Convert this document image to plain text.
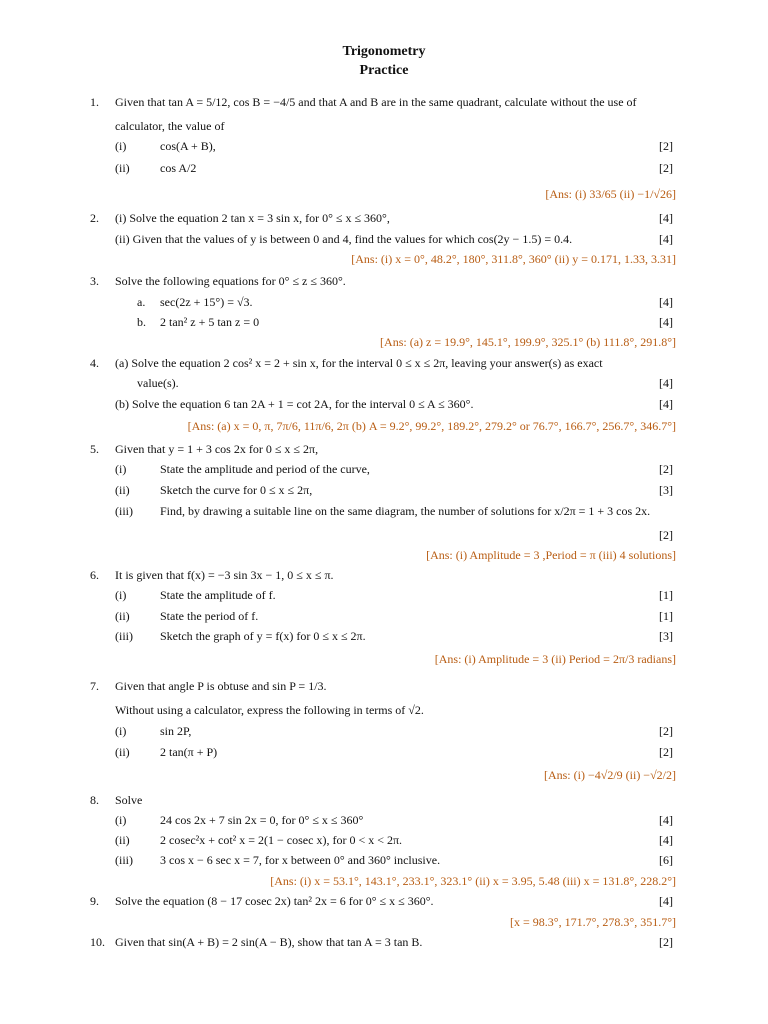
Trigonometry
Practice
1. Given that tan A = 5/12, cos B = −4/5 and that A and B are in the same quadrant, calculate without the use of
calculator, the value of
(i)	cos(A + B),	[2]
(ii)	cos A/2	[2]
[Ans: (i) 33/65 (ii) −1/√26]
2. (i) Solve the equation 2 tan x = 3 sin x, for 0° ≤ x ≤ 360°,	[4]
(ii) Given that the values of y is between 0 and 4, find the values for which cos(2y − 1.5) = 0.4.	[4]
[Ans: (i) x = 0°, 48.2°, 180°, 311.8°, 360° (ii) y = 0.171, 1.33, 3.31]
3. Solve the following equations for 0° ≤ z ≤ 360°.
a. sec(2z + 15°) = √3.	[4]
b. 2 tan² z + 5 tan z = 0	[4]
[Ans: (a) z = 19.9°, 145.1°, 199.9°, 325.1° (b) 111.8°, 291.8°]
4. (a) Solve the equation 2 cos² x = 2 + sin x, for the interval 0 ≤ x ≤ 2π, leaving your answer(s) as exact
value(s).	[4]
(b) Solve the equation 6 tan 2A + 1 = cot 2A, for the interval 0 ≤ A ≤ 360°.	[4]
[Ans: (a) x = 0, π, 7π/6, 11π/6, 2π (b) A = 9.2°, 99.2°, 189.2°, 279.2° or 76.7°, 166.7°, 256.7°, 346.7°]
5. Given that y = 1 + 3 cos 2x for 0 ≤ x ≤ 2π,
(i)	State the amplitude and period of the curve,	[2]
(ii)	Sketch the curve for 0 ≤ x ≤ 2π,	[3]
(iii) Find, by drawing a suitable line on the same diagram, the number of solutions for x/2π = 1 + 3 cos 2x.
[2]
[Ans: (i) Amplitude = 3 ,Period = π (iii) 4 solutions]
6. It is given that f(x) = −3 sin 3x − 1, 0 ≤ x ≤ π.
(i)	State the amplitude of f.	[1]
(ii)	State the period of f.	[1]
(iii) Sketch the graph of y = f(x) for 0 ≤ x ≤ 2π.	[3]
[Ans: (i) Amplitude = 3 (ii) Period = 2π/3 radians]
7. Given that angle P is obtuse and sin P = 1/3.
Without using a calculator, express the following in terms of √2.
(i)	sin 2P,	[2]
(ii)	2 tan(π + P)	[2]
[Ans: (i) −4√2/9 (ii) −√2/2]
8. Solve
(i)	24 cos 2x + 7 sin 2x = 0, for 0° ≤ x ≤ 360°	[4]
(ii)	2 cosec²x + cot² x = 2(1 − cosec x), for 0 < x < 2π.	[4]
(iii) 3 cos x − 6 sec x = 7, for x between 0° and 360° inclusive.	[6]
[Ans: (i) x = 53.1°, 143.1°, 233.1°, 323.1° (ii) x = 3.95, 5.48 (iii) x = 131.8°, 228.2°]
9. Solve the equation (8 − 17 cosec 2x) tan² 2x = 6 for 0° ≤ x ≤ 360°.	[4]
[x = 98.3°, 171.7°, 278.3°, 351.7°]
10. Given that sin(A + B) = 2 sin(A − B), show that tan A = 3 tan B.	[2]
